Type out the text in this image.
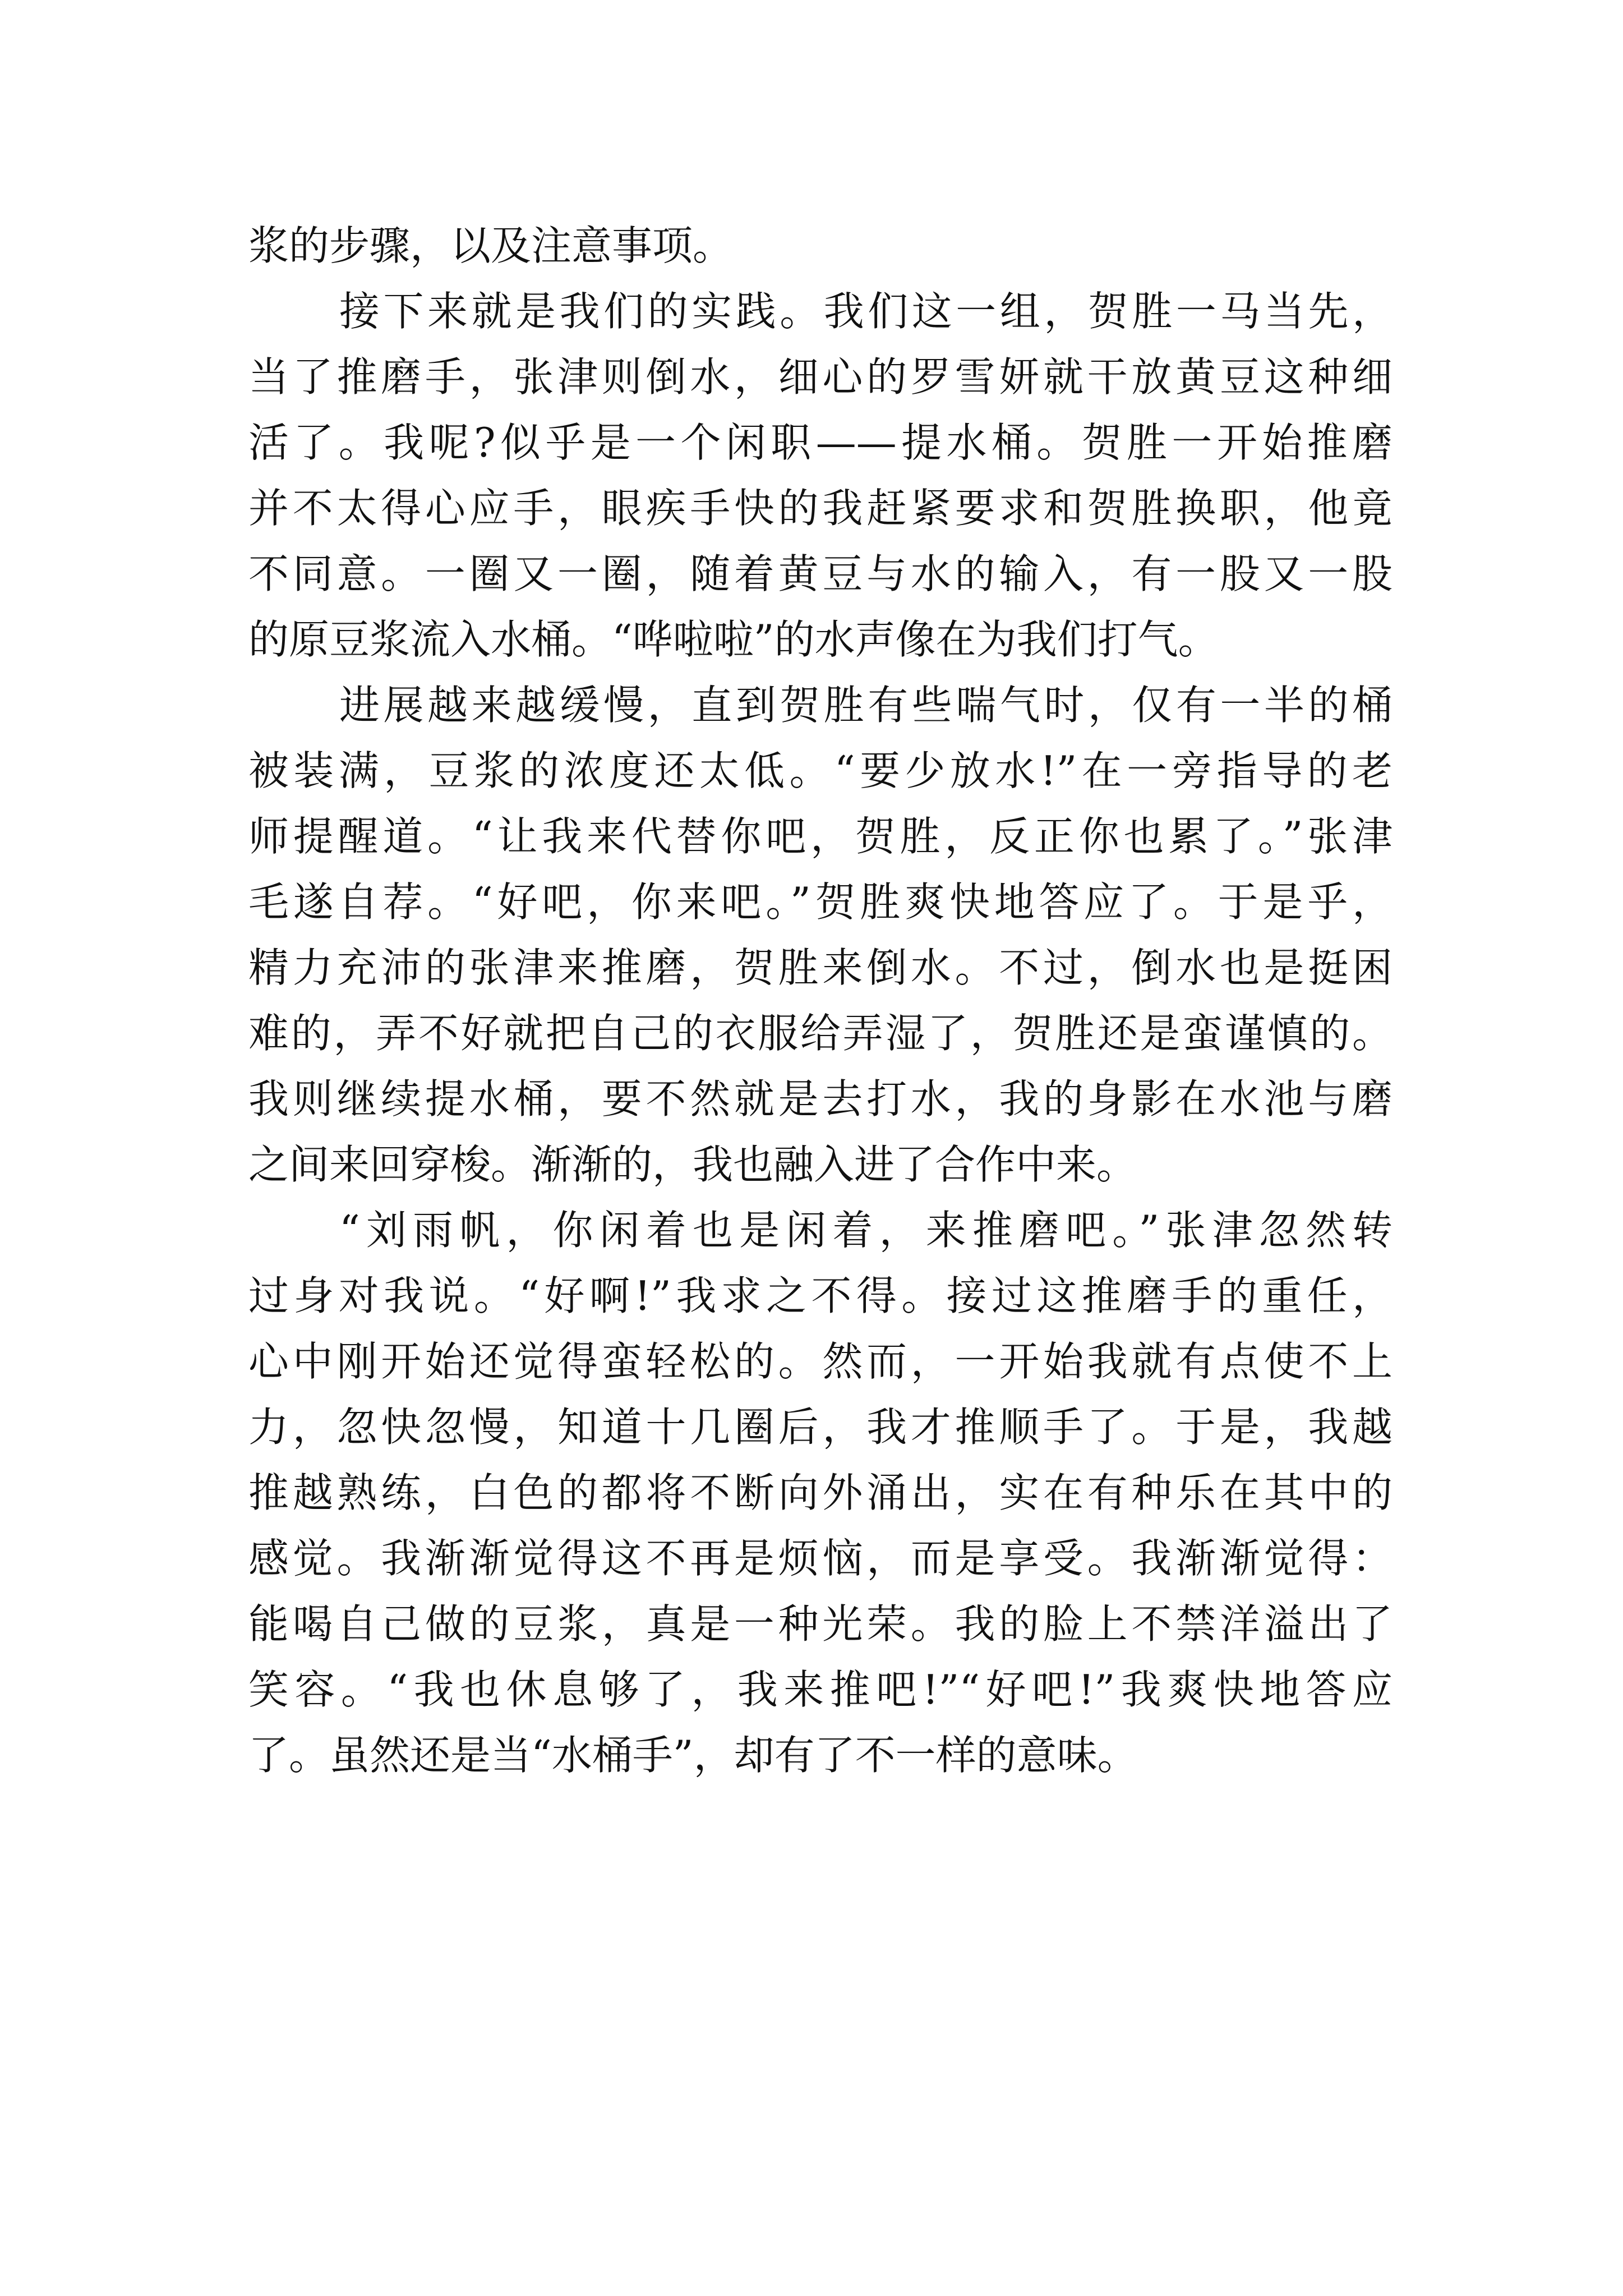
浆的步骤，以及注意事项。
接下来就是我们的实践。我们这一组，贺胜一马当先，
当了推磨手，张津则倒水，细心的罗雪妍就干放黄豆这种细
活了。我呢?似乎是一个闲职——提水桶。贺胜一开始推磨
并不太得心应手，眼疾手快的我赶紧要求和贺胜换职，他竟
不同意。一圈又一圈，随着黄豆与水的输入，有一股又一股
的原豆浆流入水桶。“哗啦啦”的水声像在为我们打气。
进展越来越缓慢，直到贺胜有些喘气时，仅有一半的桶
被装满，豆浆的浓度还太低。“要少放水!”在一旁指导的老
师提醒道。“让我来代替你吧，贺胜，反正你也累了。”张津
毛遂自荐。“好吧，你来吧。”贺胜爽快地答应了。于是乎，
精力充沛的张津来推磨，贺胜来倒水。不过，倒水也是挺困
难的，弄不好就把自己的衣服给弄湿了，贺胜还是蛮谨慎的。
我则继续提水桶，要不然就是去打水，我的身影在水池与磨
之间来回穿梭。渐渐的，我也融入进了合作中来。
“刘雨帆，你闲着也是闲着，来推磨吧。”张津忽然转
过身对我说。“好啊!”我求之不得。接过这推磨手的重任，
心中刚开始还觉得蛮轻松的。然而，一开始我就有点使不上
力，忽快忽慢，知道十几圈后，我才推顺手了。于是，我越
推越熟练，白色的都将不断向外涌出，实在有种乐在其中的
感觉。我渐渐觉得这不再是烦恼，而是享受。我渐渐觉得：
能喝自己做的豆浆，真是一种光荣。我的脸上不禁洋溢出了
笑容。“我也休息够了，我来推吧!”“好吧!”我爽快地答应
了。虽然还是当“水桶手”，却有了不一样的意味。
